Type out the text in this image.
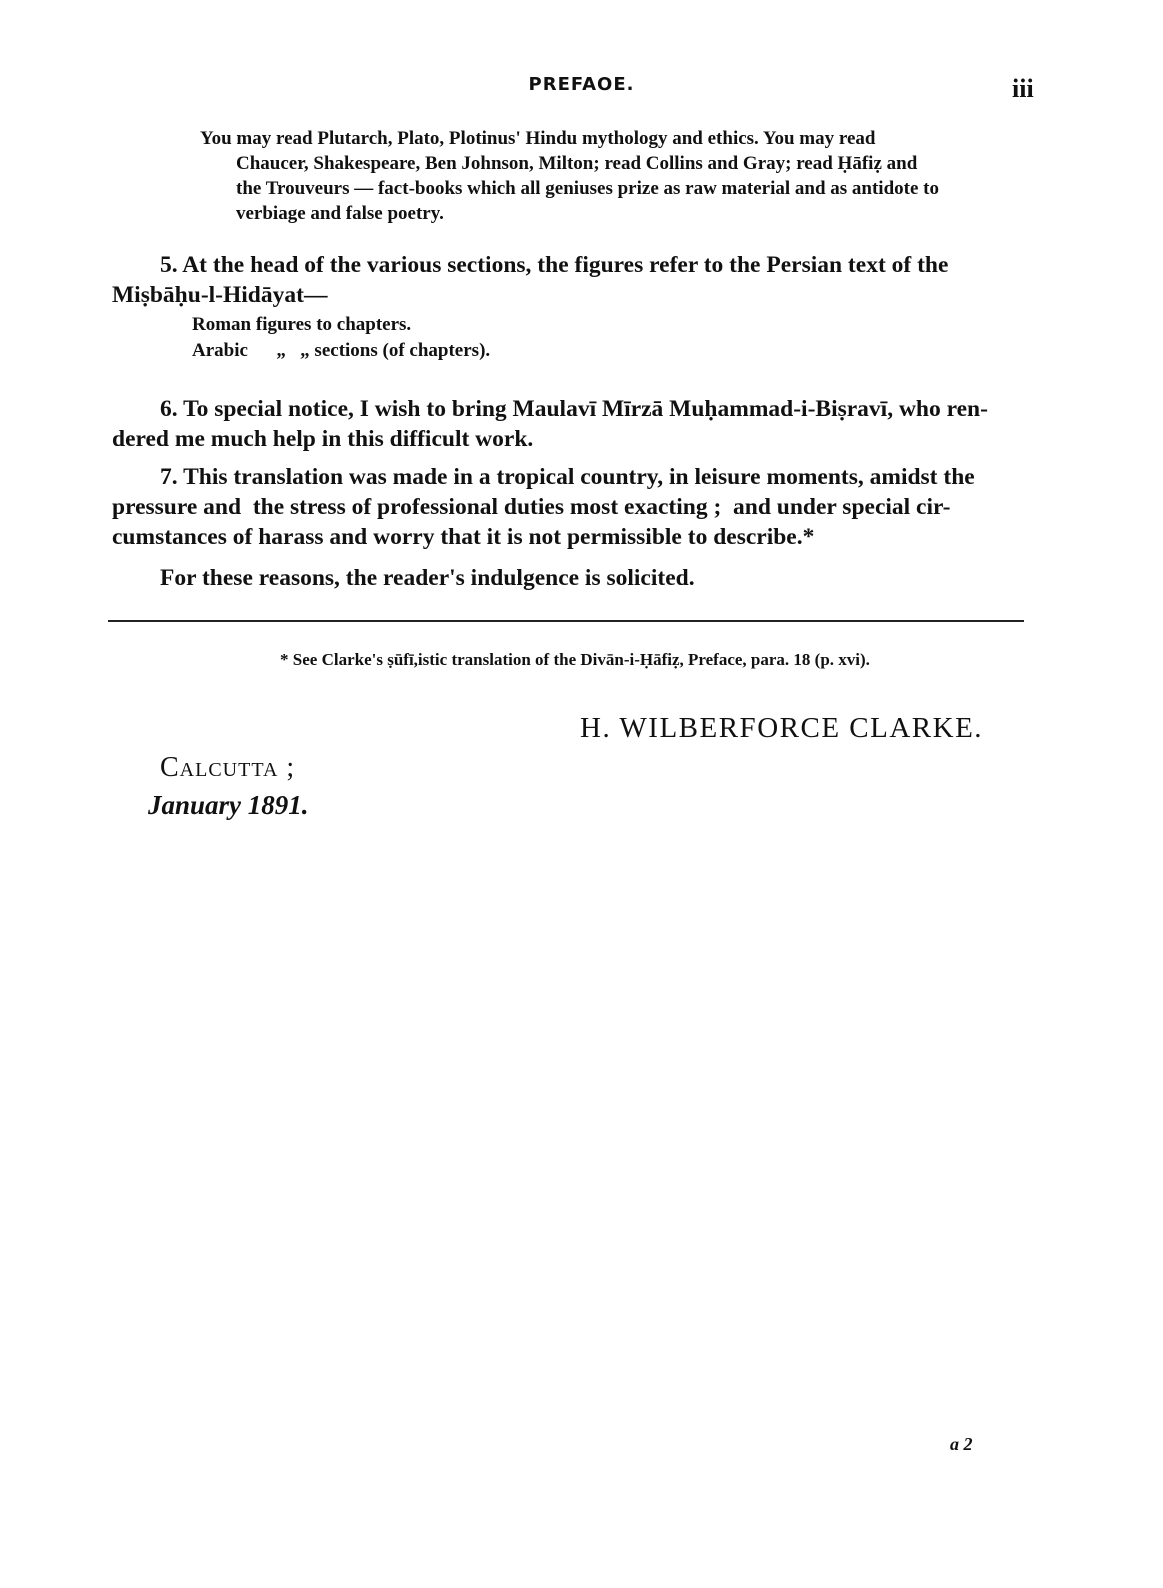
PREFAOE.	iii
You may read Plutarch, Plato, Plotinus' Hindu mythology and ethics. You may read
Chaucer, Shakespeare, Ben Johnson, Milton; read Collins and Gray; read Ḥāfiẓ and
the Trouveurs — fact-books which all geniuses prize as raw material and as antidote to
verbiage and false poetry.
5. At the head of the various sections, the figures refer to the Persian text of the
Miṣbāḥu-l-Hidāyat—
Roman figures to chapters.
Arabic      „   „ sections (of chapters).
6. To special notice, I wish to bring Maulavī Mīrzā Muḥammad-i-Biṣravī, who ren-
dered me much help in this difficult work.
7. This translation was made in a tropical country, in leisure moments, amidst the
pressure and  the stress of professional duties most exacting ;  and under special cir-
cumstances of harass and worry that it is not permissible to describe.*
For these reasons, the reader's indulgence is solicited.
* See Clarke's ṣūfī,istic translation of the Divān-i-Ḥāfiẓ, Preface, para. 18 (p. xvi).
H. WILBERFORCE CLARKE.
Calcutta ;
January 1891.
a 2
